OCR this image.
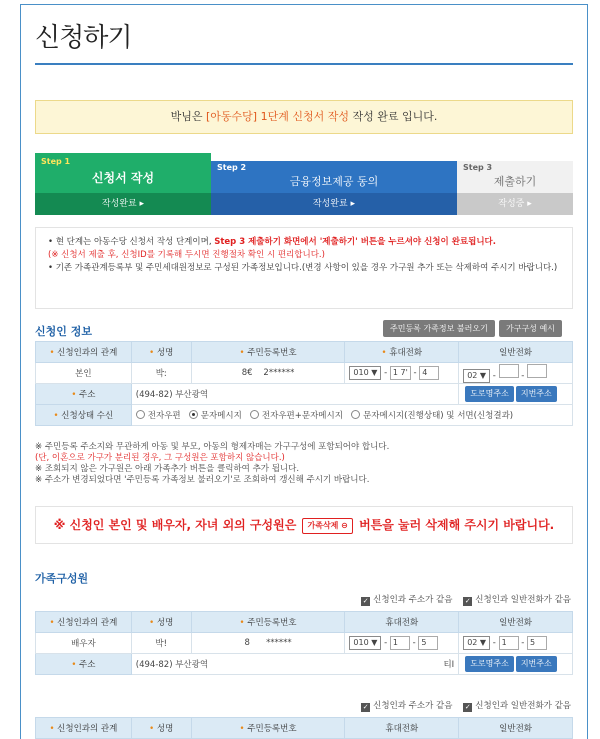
신청하기
박님은 [아동수당] 1단계 신청서 작성 작성 완료 입니다.
Step 1
신청서 작성
작성완료 ▸
Step 2
금융정보제공 동의
작성완료 ▸
Step 3
제출하기
작성중 ▸
• 현 단계는 아동수당 신청서 작성 단계이며, Step 3 제출하기 화면에서 '제출하기' 버튼을 누르셔야 신청이 완료됩니다.
(※ 신청서 제출 후, 신청ID를 기록해 두시면 진행절차 확인 시 편리합니다.)
• 기존 가족관계등록부 및 주민세대원정보로 구성된 가족정보입니다.(변경 사항이 있을 경우 가구원 추가 또는 삭제하여 주시기 바랍니다.)
신청인 정보	주민등록 가족정보 불러오기	가구구성 예시
• 신청인과의 관계	• 성명	• 주민등록번호	• 휴대전화	일반전화
본인	박:	8€ 2******	010 ▼ - 1 7' - 4	02 ▼ -  -
• 주소	(494-82) 부산광역			도로명주소 지번주소
• 신청상태 수신	전자우편 문자메시지 전자우편+문자메시지 문자메시지(진행상태) 및 서면(신청결과)			
※ 주민등록 주소지와 무관하게 아동 및 부모, 아동의 형제자매는 가구구성에 포함되어야 합니다.
(단, 이혼으로 가구가 분리된 경우, 그 구성원은 포함하지 않습니다.)
※ 조회되지 않은 가구원은 아래 가족추가 버튼을 클릭하여 추가 됩니다.
※ 주소가 변경되었다면 '주민등록 가족정보 불러오기'로 조회하여 갱신해 주시기 바랍니다.
※ 신청인 본인 및 배우자, 자녀 외의 구성원은 가족삭제 ⊖ 버튼을 눌러 삭제해 주시기 바랍니다.
가족구성원
✓ 신청인과 주소가 같음 ✓ 신청인과 일반전화가 같음
• 신청인과의 관계	• 성명	• 주민등록번호	휴대전화	일반전화
배우자	박!	8 ******	010 ▼ - 1 - 5	02 ▼ - 1 - 5
• 주소	(494-82) 부산광역 티I			도로명주소 지번주소
✓ 신청인과 주소가 같음 ✓ 신청인과 일반전화가 같음
• 신청인과의 관계	• 성명	• 주민등록번호	휴대전화	일반전화
